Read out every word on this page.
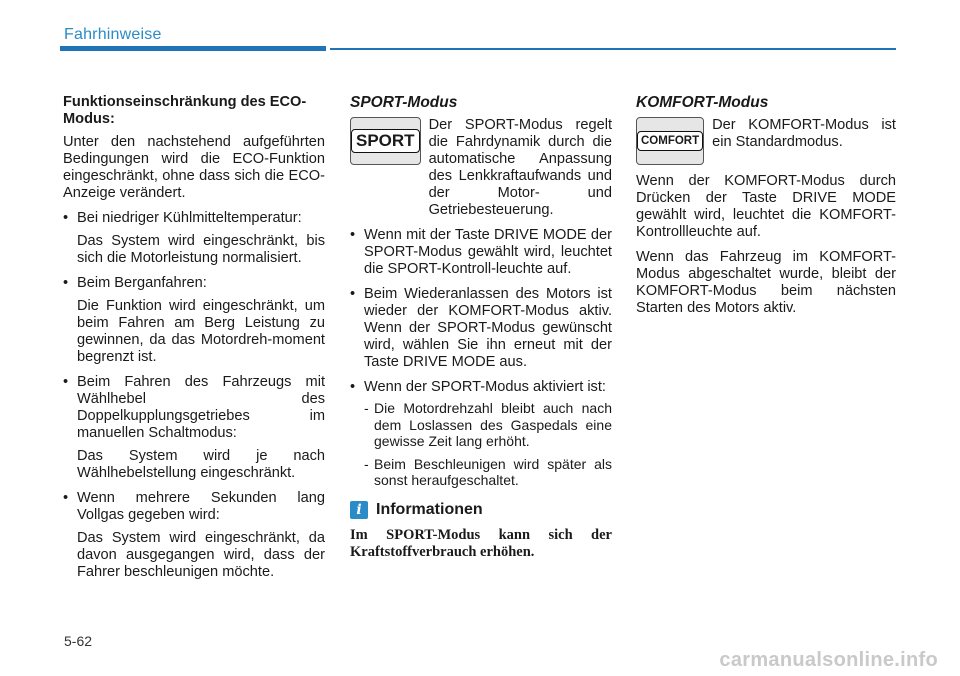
Fahrhinweise
Funktionseinschränkung des ECO-Modus:

Unter den nachstehend aufgeführten Bedingungen wird die ECO-Funktion eingeschränkt, ohne dass sich die ECO-Anzeige verändert.

• Bei niedriger Kühlmitteltemperatur:
Das System wird eingeschränkt, bis sich die Motorleistung normalisiert.
• Beim Berganfahren:
Die Funktion wird eingeschränkt, um beim Fahren am Berg Leistung zu gewinnen, da das Motordreh-moment begrenzt ist.
• Beim Fahren des Fahrzeugs mit Wählhebel des Doppelkupplungsgetriebes im manuellen Schaltmodus:
Das System wird je nach Wählhebelstellung eingeschränkt.
• Wenn mehrere Sekunden lang Vollgas gegeben wird:
Das System wird eingeschränkt, da davon ausgegangen wird, dass der Fahrer beschleunigen möchte.
SPORT-Modus
SPORT
Der SPORT-Modus regelt die Fahrdynamik durch die automatische Anpassung des Lenkkraftaufwands und der Motor- und Getriebesteuerung.
• Wenn mit der Taste DRIVE MODE der SPORT-Modus gewählt wird, leuchtet die SPORT-Kontroll-leuchte auf.
• Beim Wiederanlassen des Motors ist wieder der KOMFORT-Modus aktiv. Wenn der SPORT-Modus gewünscht wird, wählen Sie ihn erneut mit der Taste DRIVE MODE aus.
• Wenn der SPORT-Modus aktiviert ist:
- Die Motordrehzahl bleibt auch nach dem Loslassen des Gaspedals eine gewisse Zeit lang erhöht.
- Beim Beschleunigen wird später als sonst heraufgeschaltet.
i Informationen

Im SPORT-Modus kann sich der Kraftstoffverbrauch erhöhen.

KOMFORT-Modus
COMFORT
Der KOMFORT-Modus ist ein Standardmodus.

Wenn der KOMFORT-Modus durch Drücken der Taste DRIVE MODE gewählt wird, leuchtet die KOMFORT-Kontrollleuchte auf.

Wenn das Fahrzeug im KOMFORT-Modus abgeschaltet wurde, bleibt der KOMFORT-Modus beim nächsten Starten des Motors aktiv.

5-62
carmanualsonline.info
